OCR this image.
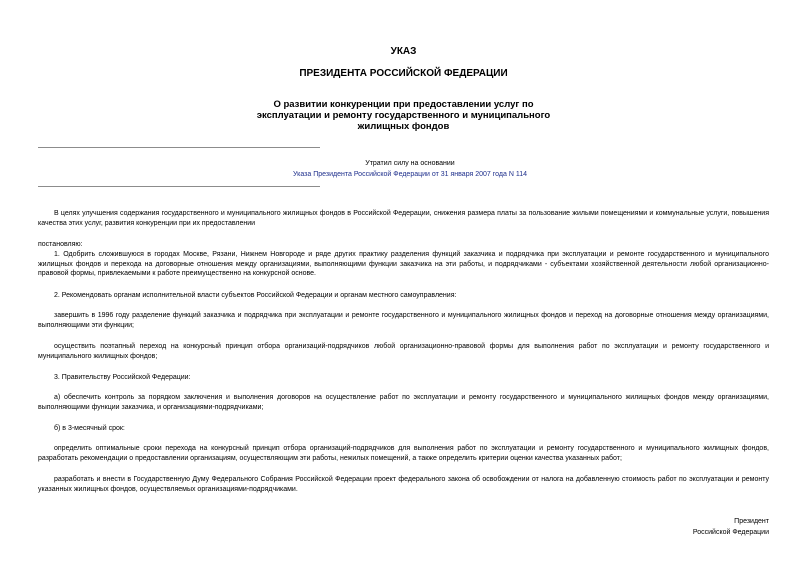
УКАЗ
ПРЕЗИДЕНТА РОССИЙСКОЙ ФЕДЕРАЦИИ
О развитии конкуренции при предоставлении услуг по
эксплуатации и ремонту государственного и муниципального
жилищных фондов
Утратил силу на основании
Указа Президента Российской Федерации от 31 января 2007 года N 114
В целях улучшения содержания государственного и муниципального жилищных фондов в Российской Федерации, снижения размера платы за пользование жилыми помещениями и коммунальные услуги, повышения качества этих услуг, развития конкуренции при их предоставлении
постановляю:
1. Одобрить сложившуюся в городах Москве, Рязани, Нижнем Новгороде и ряде других практику разделения функций заказчика и подрядчика при эксплуатации и ремонте государственного и муниципального жилищных фондов и перехода на договорные отношения между организациями, выполняющими функции заказчика на эти работы, и подрядчиками - субъектами хозяйственной деятельности любой организационно-правовой формы, привлекаемыми к работе преимущественно на конкурсной основе.
2. Рекомендовать органам исполнительной власти субъектов Российской Федерации и органам местного самоуправления:
завершить в 1996 году разделение функций заказчика и подрядчика при эксплуатации и ремонте государственного и муниципального жилищных фондов и переход на договорные отношения между организациями, выполняющими эти функции;
осуществить поэтапный переход на конкурсный принцип отбора организаций-подрядчиков любой организационно-правовой формы для выполнения работ по эксплуатации и ремонту государственного и муниципального жилищных фондов;
3. Правительству Российской Федерации:
а) обеспечить контроль за порядком заключения и выполнения договоров на осуществление работ по эксплуатации и ремонту государственного и муниципального жилищных фондов между организациями, выполняющими функции заказчика, и организациями-подрядчиками;
б) в 3-месячный срок:
определить оптимальные сроки перехода на конкурсный принцип отбора организаций-подрядчиков для выполнения работ по эксплуатации и ремонту государственного и муниципального жилищных фондов, разработать рекомендации о предоставлении организациям, осуществляющим эти работы, нежилых помещений, а также определить критерии оценки качества указанных работ;
разработать и внести в Государственную Думу Федерального Собрания Российской Федерации проект федерального закона об освобождении от налога на добавленную стоимость работ по эксплуатации и ремонту указанных жилищных фондов, осуществляемых организациями-подрядчиками.
Президент
Российской Федерации
